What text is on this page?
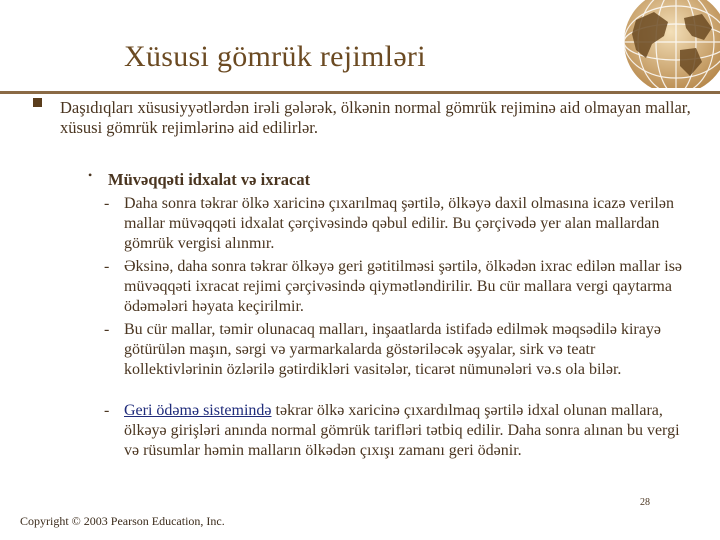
Xüsusi gömrük rejimləri
Daşıdıqları xüsusiyyətlərdən irəli gələrək, ölkənin normal gömrük rejiminə aid olmayan mallar, xüsusi gömrük rejimlərinə aid edilirlər.
• Müvəqqəti idxalat və ixracat
- Daha sonra təkrar ölkə xaricinə çıxarılmaq şərtilə, ölkəyə daxil olmasına icazə verilən mallar müvəqqəti idxalat çərçivəsində qəbul edilir. Bu çərçivədə yer alan mallardan gömrük vergisi alınmır.
- Əksinə, daha sonra təkrar ölkəyə geri gətitilməsi şərtilə, ölkədən ixrac edilən mallar isə müvəqqəti ixracat rejimi çərçivəsində qiymətləndirilir. Bu cür mallara vergi qaytarma ödəmələri həyata keçirilmir.
- Bu cür mallar, təmir olunacaq malları, inşaatlarda istifadə edilmək məqsədilə kirayə götürülən maşın, sərgi və yarmarkalarda göstəriləcək əşyalar, sirk və teatr kollektivlərinin özlərilə gətirdikləri vasitələr, ticarət nümunələri və.s ola bilər.
- Geri ödəmə sistemində təkrar ölkə xaricinə çıxardılmaq şərtilə idxal olunan mallara, ölkəyə girişləri anında normal gömrük tarifləri tətbiq edilir. Daha sonra alınan bu vergi və rüsumlar həmin malların ölkədən çıxışı zamanı geri ödənir.
28
Copyright © 2003 Pearson Education, Inc.
